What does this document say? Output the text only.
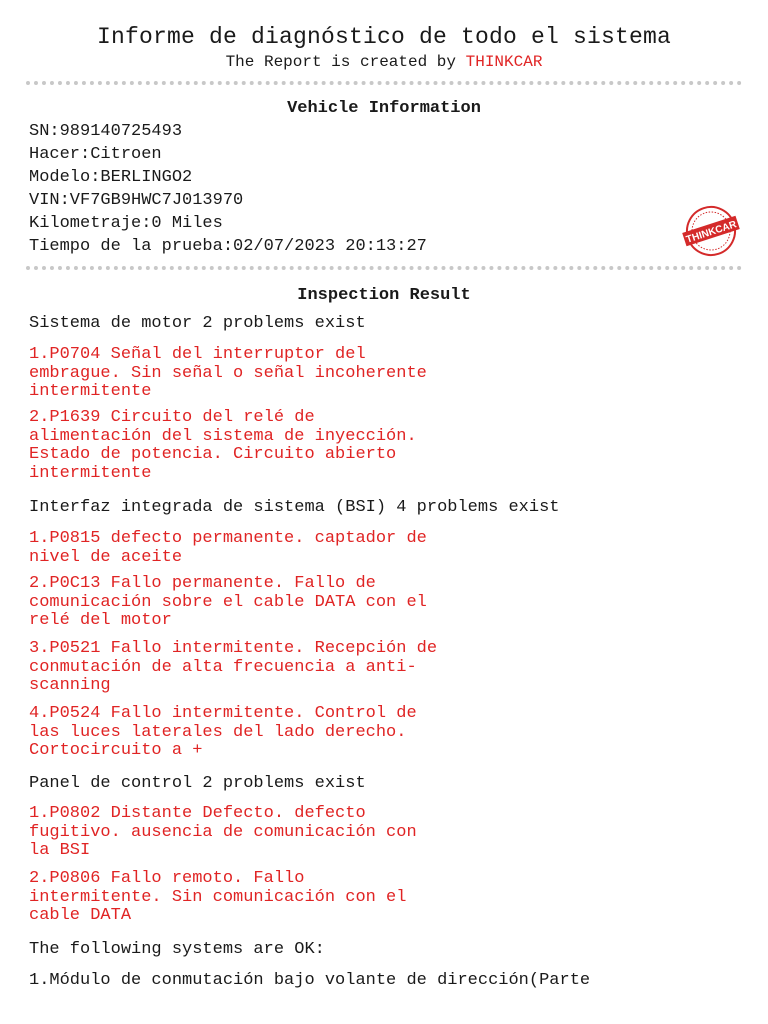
Informe de diagnóstico de todo el sistema
The Report is created by THINKCAR
Vehicle Information
SN:989140725493
Hacer:Citroen
Modelo:BERLINGO2
VIN:VF7GB9HWC7J013970
Kilometraje:0 Miles
Tiempo de la prueba:02/07/2023 20:13:27
THINKCAR
Inspection Result
Sistema de motor 2 problems exist
1.P0704 Señal del interruptor del
embrague. Sin señal o señal incoherente
intermitente
2.P1639 Circuito del relé de
alimentación del sistema de inyección.
Estado de potencia. Circuito abierto
intermitente
Interfaz integrada de sistema (BSI) 4 problems exist
1.P0815 defecto permanente. captador de
nivel de aceite
2.P0C13 Fallo permanente. Fallo de
comunicación sobre el cable DATA con el
relé del motor
3.P0521 Fallo intermitente. Recepción de
conmutación de alta frecuencia a anti-
scanning
4.P0524 Fallo intermitente. Control de
las luces laterales del lado derecho.
Cortocircuito a +
Panel de control 2 problems exist
1.P0802 Distante Defecto. defecto
fugitivo. ausencia de comunicación con
la BSI
2.P0806 Fallo remoto. Fallo
intermitente. Sin comunicación con el
cable DATA
The following systems are OK:
1.Módulo de conmutación bajo volante de dirección(Parte
